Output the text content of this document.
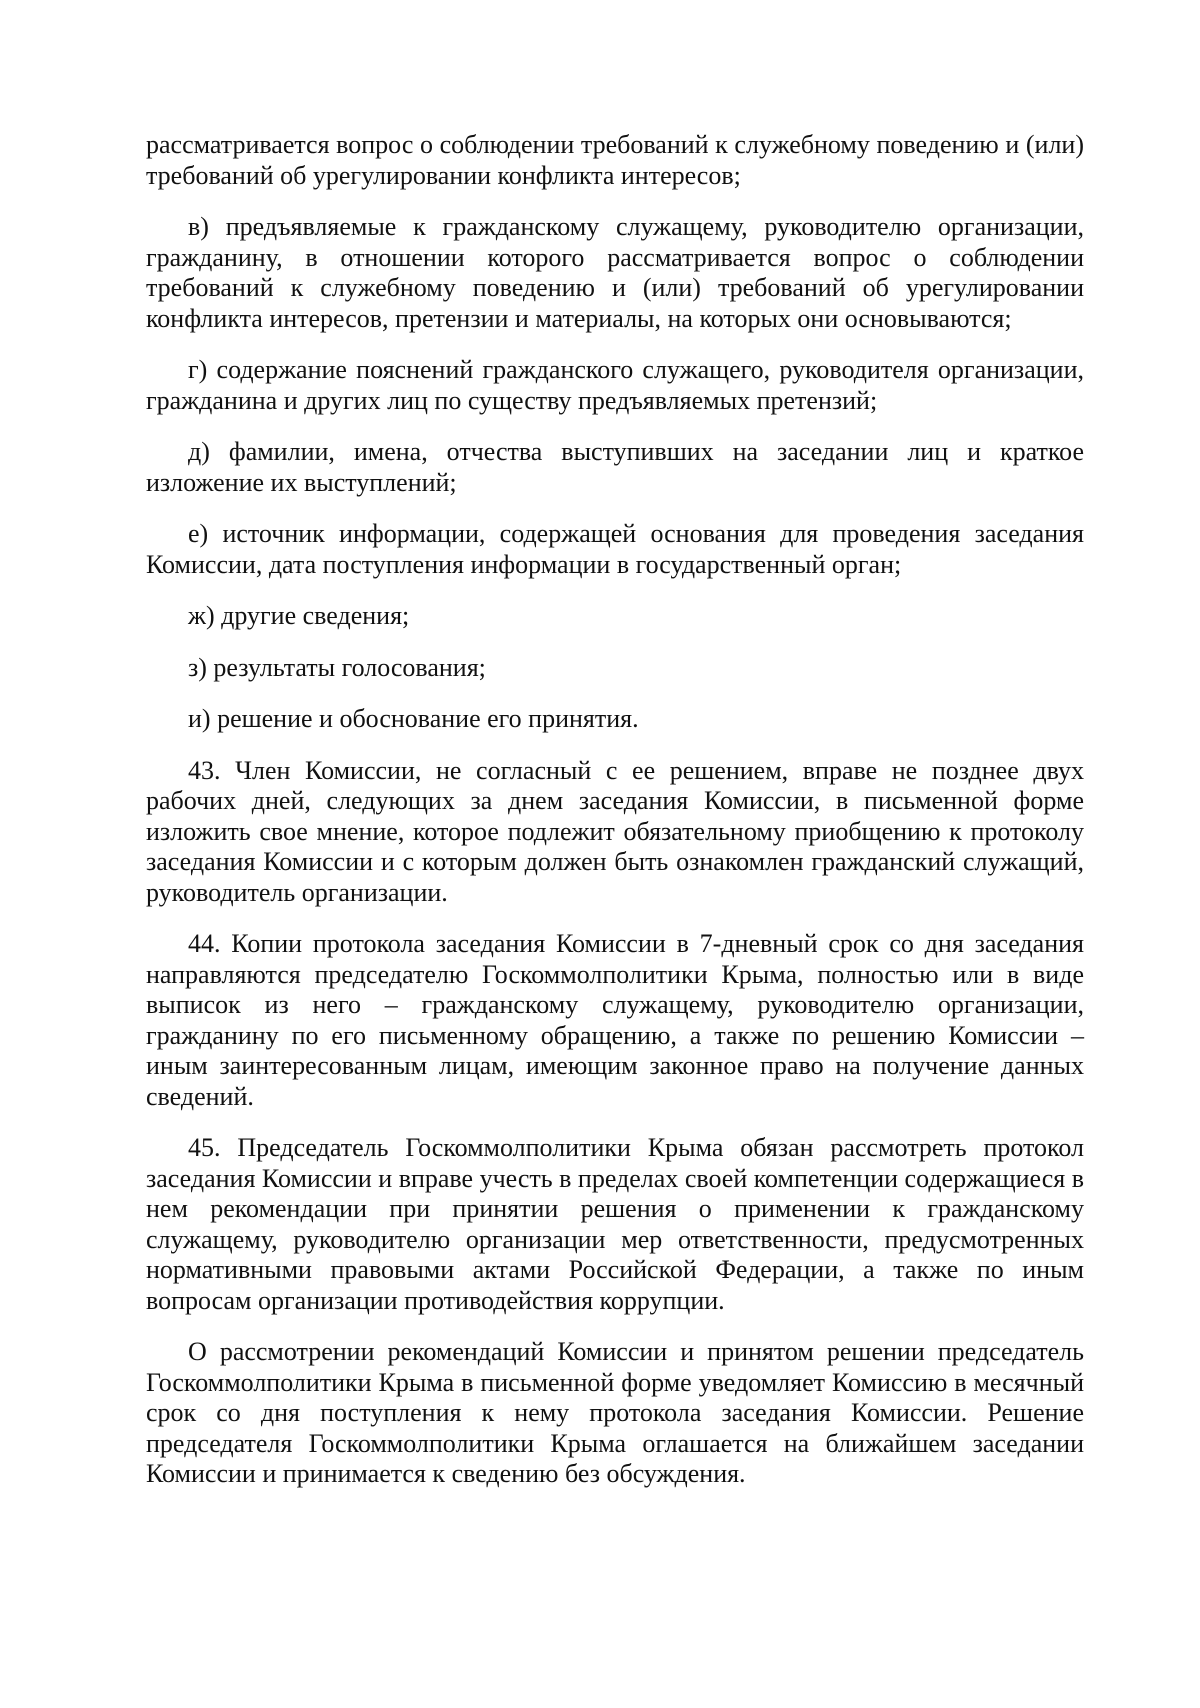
рассматривается вопрос о соблюдении требований к служебному поведению и (или) требований об урегулировании конфликта интересов;

в) предъявляемые к гражданскому служащему, руководителю организации, гражданину, в отношении которого рассматривается вопрос о соблюдении требований к служебному поведению и (или) требований об урегулировании конфликта интересов, претензии и материалы, на которых они основываются;

г) содержание пояснений гражданского служащего, руководителя организации, гражданина и других лиц по существу предъявляемых претензий;

д) фамилии, имена, отчества выступивших на заседании лиц и краткое изложение их выступлений;

е) источник информации, содержащей основания для проведения заседания Комиссии, дата поступления информации в государственный орган;

ж) другие сведения;

з) результаты голосования;

и) решение и обоснование его принятия.

43. Член Комиссии, не согласный с ее решением, вправе не позднее двух рабочих дней, следующих за днем заседания Комиссии, в письменной форме изложить свое мнение, которое подлежит обязательному приобщению к протоколу заседания Комиссии и с которым должен быть ознакомлен гражданский служащий, руководитель организации.

44. Копии протокола заседания Комиссии в 7-дневный срок со дня заседания направляются председателю Госкоммолполитики Крыма, полностью или в виде выписок из него – гражданскому служащему, руководителю организации, гражданину по его письменному обращению, а также по решению Комиссии – иным заинтересованным лицам, имеющим законное право на получение данных сведений.

45. Председатель Госкоммолполитики Крыма обязан рассмотреть протокол заседания Комиссии и вправе учесть в пределах своей компетенции содержащиеся в нем рекомендации при принятии решения о применении к гражданскому служащему, руководителю организации мер ответственности, предусмотренных нормативными правовыми актами Российской Федерации, а также по иным вопросам организации противодействия коррупции.

О рассмотрении рекомендаций Комиссии и принятом решении председатель Госкоммолполитики Крыма в письменной форме уведомляет Комиссию в месячный срок со дня поступления к нему протокола заседания Комиссии. Решение председателя Госкоммолполитики Крыма оглашается на ближайшем заседании Комиссии и принимается к сведению без обсуждения.
